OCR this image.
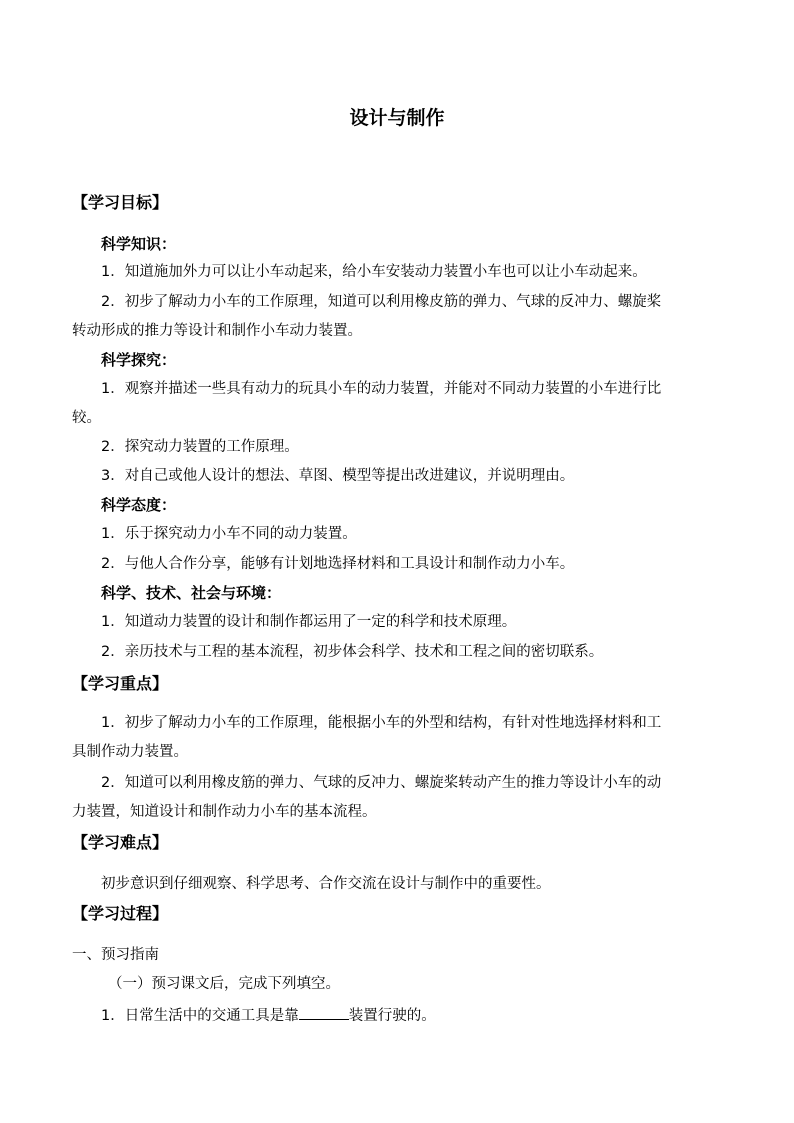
设计与制作
【学习目标】
科学知识：
1．知道施加外力可以让小车动起来，给小车安装动力装置小车也可以让小车动起来。
2．初步了解动力小车的工作原理，知道可以利用橡皮筋的弹力、气球的反冲力、螺旋桨
转动形成的推力等设计和制作小车动力装置。
科学探究：
1．观察并描述一些具有动力的玩具小车的动力装置，并能对不同动力装置的小车进行比
较。
2．探究动力装置的工作原理。
3．对自己或他人设计的想法、草图、模型等提出改进建议，并说明理由。
科学态度：
1．乐于探究动力小车不同的动力装置。
2．与他人合作分享，能够有计划地选择材料和工具设计和制作动力小车。
科学、技术、社会与环境：
1．知道动力装置的设计和制作都运用了一定的科学和技术原理。
2．亲历技术与工程的基本流程，初步体会科学、技术和工程之间的密切联系。
【学习重点】
1．初步了解动力小车的工作原理，能根据小车的外型和结构，有针对性地选择材料和工
具制作动力装置。
2．知道可以利用橡皮筋的弹力、气球的反冲力、螺旋桨转动产生的推力等设计小车的动
力装置，知道设计和制作动力小车的基本流程。
【学习难点】
初步意识到仔细观察、科学思考、合作交流在设计与制作中的重要性。
【学习过程】
一、预习指南
（一）预习课文后，完成下列填空。
1．日常生活中的交通工具是靠	装置行驶的。
